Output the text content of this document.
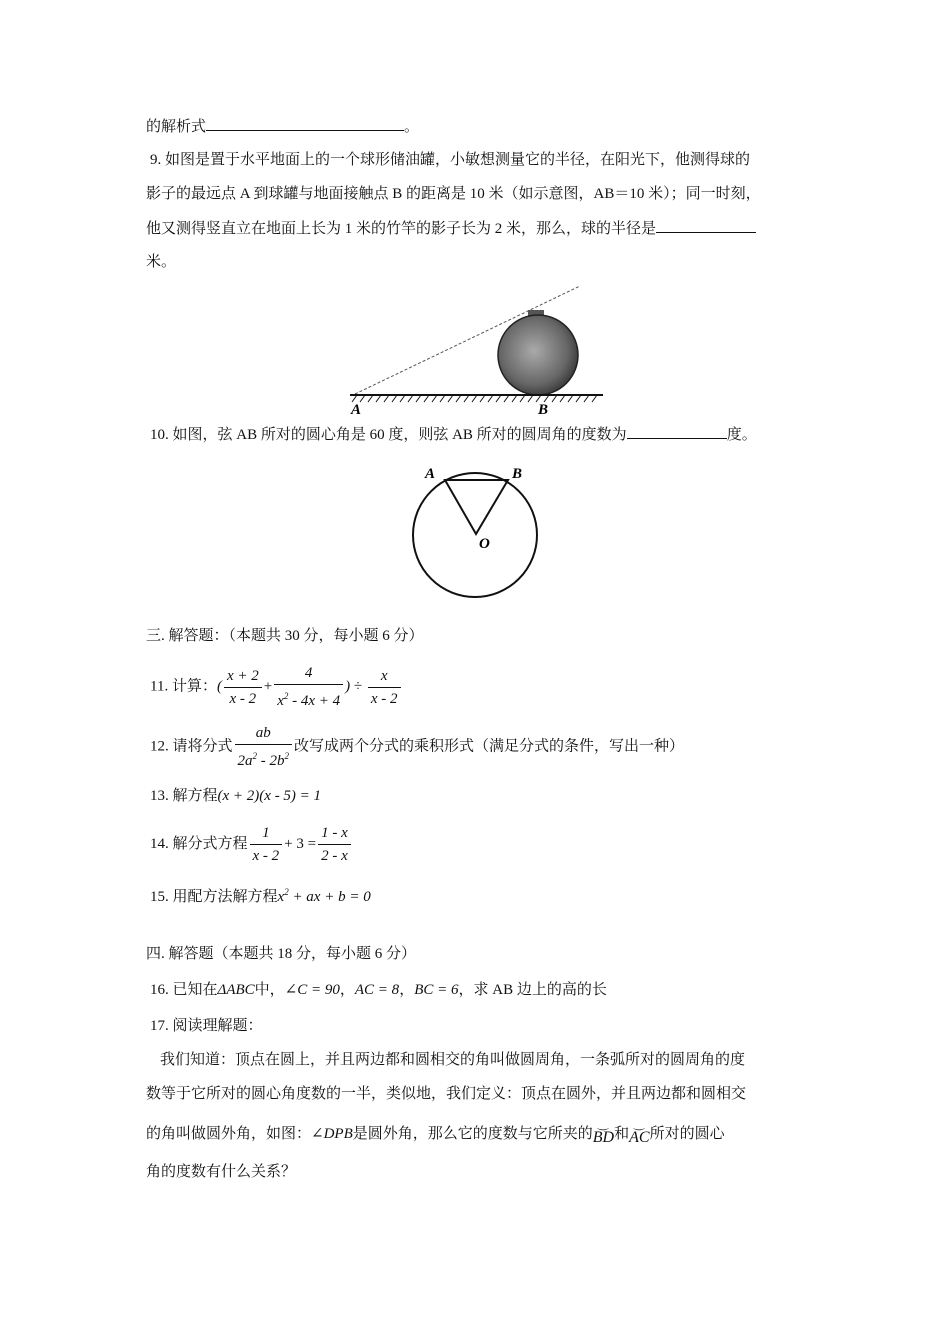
的解析式	。
9. 如图是置于水平地面上的一个球形储油罐，小敏想测量它的半径，在阳光下，他测得球的
影子的最远点 A 到球罐与地面接触点 B 的距离是 10 米（如示意图，AB＝10 米）；同一时刻，
他又测得竖直立在地面上长为 1 米的竹竿的影子长为 2 米，那么，球的半径是
米。
A	B
10. 如图，弦 AB 所对的圆心角是 60 度，则弦 AB 所对的圆周角的度数为	度。
A	B
O
三. 解答题：（本题共 30 分，每小题 6 分）
11. 计算：( $\frac{x + 2}{x - 2} + \frac{4}{x^2 - 4x + 4}$ ) ÷ $\frac{x}{x - 2}$
12. 请将分式 $\frac{ab}{2a^2 - 2b^2}$ 改写成两个分式的乘积形式（满足分式的条件，写出一种）
13. 解方程(x + 2)(x - 5) = 1
14. 解分式方程 $\frac{1}{x - 2} + 3 = \frac{1 - x}{2 - x}$
15. 用配方法解方程$x^2$ + ax + b = 0
四. 解答题（本题共 18 分，每小题 6 分）
16. 已知在ΔABC中，∠C = 90，AC = 8，BC = 6，求 AB 边上的高的长
17. 阅读理解题：
我们知道：顶点在圆上，并且两边都和圆相交的角叫做圆周角，一条弧所对的圆周角的度
数等于它所对的圆心角度数的一半，类似地，我们定义：顶点在圆外，并且两边都和圆相交
的角叫做圆外角，如图：∠DPB是圆外角，那么它的度数与它所夹的⌒ BD和⌒ AC所对的圆心
角的度数有什么关系？
